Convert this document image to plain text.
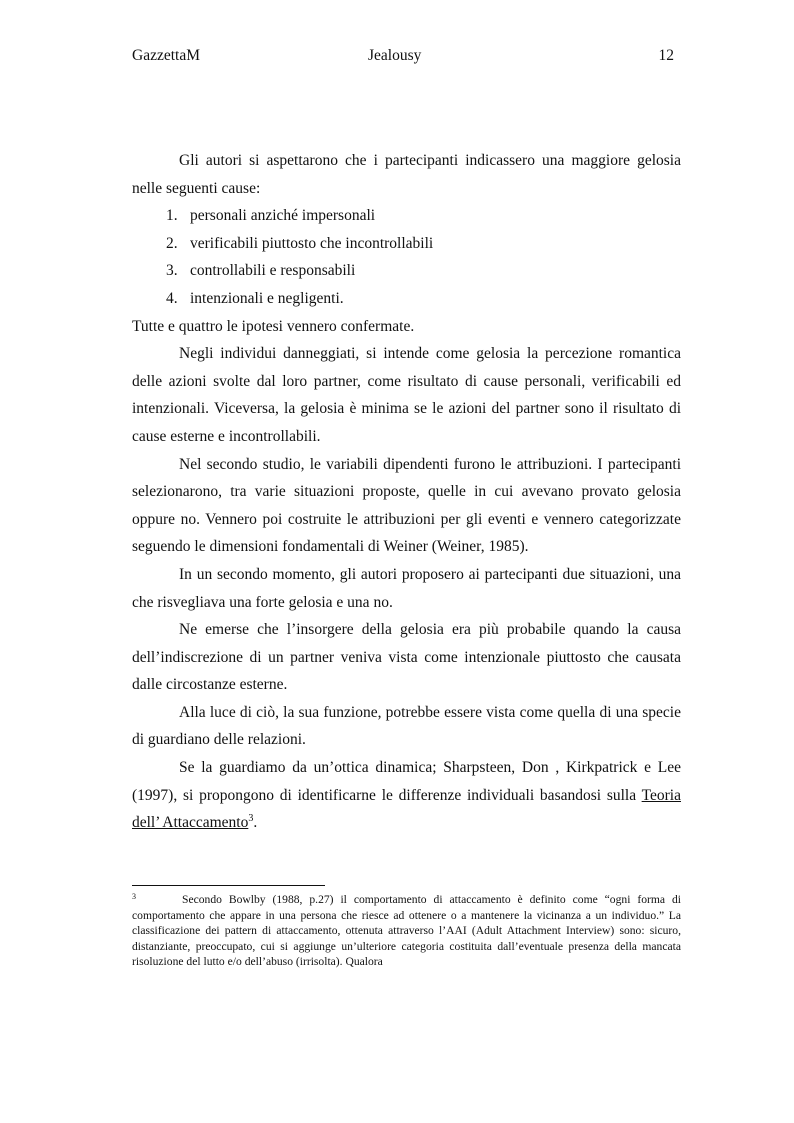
GazzettaM	Jealousy	12

Gli autori si aspettarono che i partecipanti indicassero una maggiore gelosia nelle seguenti cause:

1. personali anziché impersonali
2. verificabili piuttosto che incontrollabili
3. controllabili e responsabili
4. intenzionali e negligenti.

Tutte e quattro le ipotesi vennero confermate.

Negli individui danneggiati, si intende come gelosia la percezione romantica delle azioni svolte dal loro partner, come risultato di cause personali, verificabili ed intenzionali. Viceversa, la gelosia è minima se le azioni del partner sono il risultato di cause esterne e incontrollabili.

Nel secondo studio, le variabili dipendenti furono le attribuzioni. I partecipanti selezionarono, tra varie situazioni proposte, quelle in cui avevano provato gelosia oppure no. Vennero poi costruite le attribuzioni per gli eventi e vennero categorizzate seguendo le dimensioni fondamentali di Weiner (Weiner, 1985).

In un secondo momento, gli autori proposero ai partecipanti due situazioni, una che risvegliava una forte gelosia e una no.

Ne emerse che l’insorgere della gelosia era più probabile quando la causa dell’indiscrezione di un partner veniva vista come intenzionale piuttosto che causata dalle circostanze esterne.

Alla luce di ciò, la sua funzione, potrebbe essere vista come quella di una specie di guardiano delle relazioni.

Se la guardiamo da un’ottica dinamica; Sharpsteen, Don , Kirkpatrick e Lee (1997), si propongono di identificarne le differenze individuali basandosi sulla Teoria dell’ Attaccamento$^3$.

3	Secondo Bowlby (1988, p.27) il comportamento di attaccamento è definito come “ogni forma di comportamento che appare in una persona che riesce ad ottenere o a mantenere la vicinanza a un individuo.” La classificazione dei pattern di attaccamento, ottenuta attraverso l’AAI (Adult Attachment Interview) sono: sicuro, distanziante, preoccupato, cui si aggiunge un’ulteriore categoria costituita dall’eventuale presenza della mancata risoluzione del lutto e/o dell’abuso (irrisolta). Qualora
